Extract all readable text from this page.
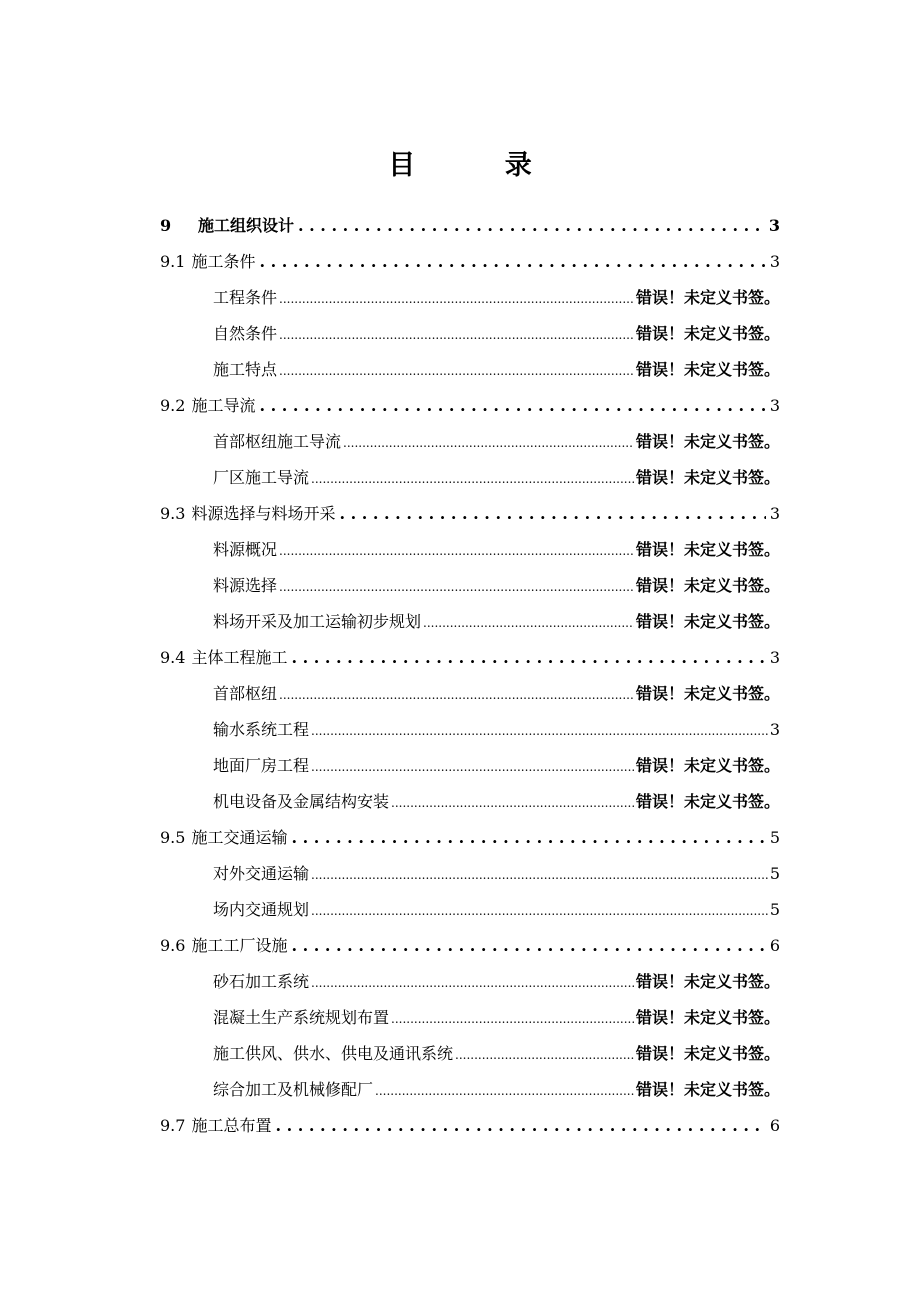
目 录
9	施工组织设计 . . .	3
9.1 施工条件 . . .	3
工程条件 .....	错误！未定义书签。
自然条件 .....	错误！未定义书签。
施工特点 .....	错误！未定义书签。
9.2 施工导流 . . .	3
首部枢纽施工导流 .....	错误！未定义书签。
厂区施工导流 .....	错误！未定义书签。
9.3 料源选择与料场开采 . . .	3
料源概况 .....	错误！未定义书签。
料源选择 .....	错误！未定义书签。
料场开采及加工运输初步规划 .....	错误！未定义书签。
9.4 主体工程施工 . . .	3
首部枢纽 .....	错误！未定义书签。
输水系统工程 .....	3
地面厂房工程 .....	错误！未定义书签。
机电设备及金属结构安装 .....	错误！未定义书签。
9.5 施工交通运输 . . .	5
对外交通运输 .....	5
场内交通规划 .....	5
9.6 施工工厂设施 . . .	6
砂石加工系统 .....	错误！未定义书签。
混凝土生产系统规划布置 .....	错误！未定义书签。
施工供风、供水、供电及通讯系统 .....	错误！未定义书签。
综合加工及机械修配厂 .....	错误！未定义书签。
9.7 施工总布置 . . .	6
